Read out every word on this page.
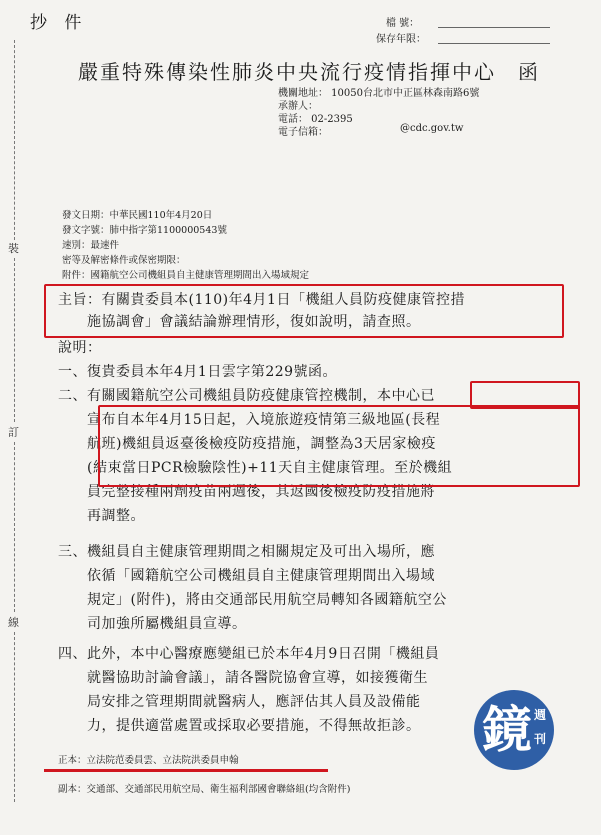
抄 件	檔 號：
保存年限：
嚴重特殊傳染性肺炎中央流行疫情指揮中心　函
機關地址： 10050台北市中正區林森南路6號
承辦人：
電話： 02-2395
電子信箱：	@cdc.gov.tw
發文日期：中華民國110年4月20日
發文字號：肺中指字第1100000543號
速別：最速件
密等及解密條件或保密期限：
附件：國籍航空公司機組員自主健康管理期間出入場域規定
裝
訂
線
主旨：有關貴委員本(110)年4月1日「機組人員防疫健康管控措
　　施協調會」會議結論辦理情形，復如說明，請查照。
說明：
一、復貴委員本年4月1日雲字第229號函。
二、有關國籍航空公司機組員防疫健康管控機制，本中心已
　　宣布自本年4月15日起，入境旅遊疫情第三級地區(長程
　　航班)機組員返臺後檢疫防疫措施，調整為3天居家檢疫
　　(結束當日PCR檢驗陰性)+11天自主健康管理。至於機組
　　員完整接種兩劑疫苗兩週後，其返國後檢疫防疫措施將
　　再調整。
三、機組員自主健康管理期間之相關規定及可出入場所，應
　　依循「國籍航空公司機組員自主健康管理期間出入場域
　　規定」(附件)，將由交通部民用航空局轉知各國籍航空公
　　司加強所屬機組員宣導。
四、此外，本中心醫療應變組已於本年4月9日召開「機組員
　　就醫協助討論會議」，請各醫院協會宣導，如接獲衛生
　　局安排之管理期間就醫病人，應評估其人員及設備能
　　力，提供適當處置或採取必要措施，不得無故拒診。
正本：立法院范委員雲、立法院洪委員申翰
副本：交通部、交通部民用航空局、衛生福利部國會聯絡組(均含附件)
鏡 週
刊
